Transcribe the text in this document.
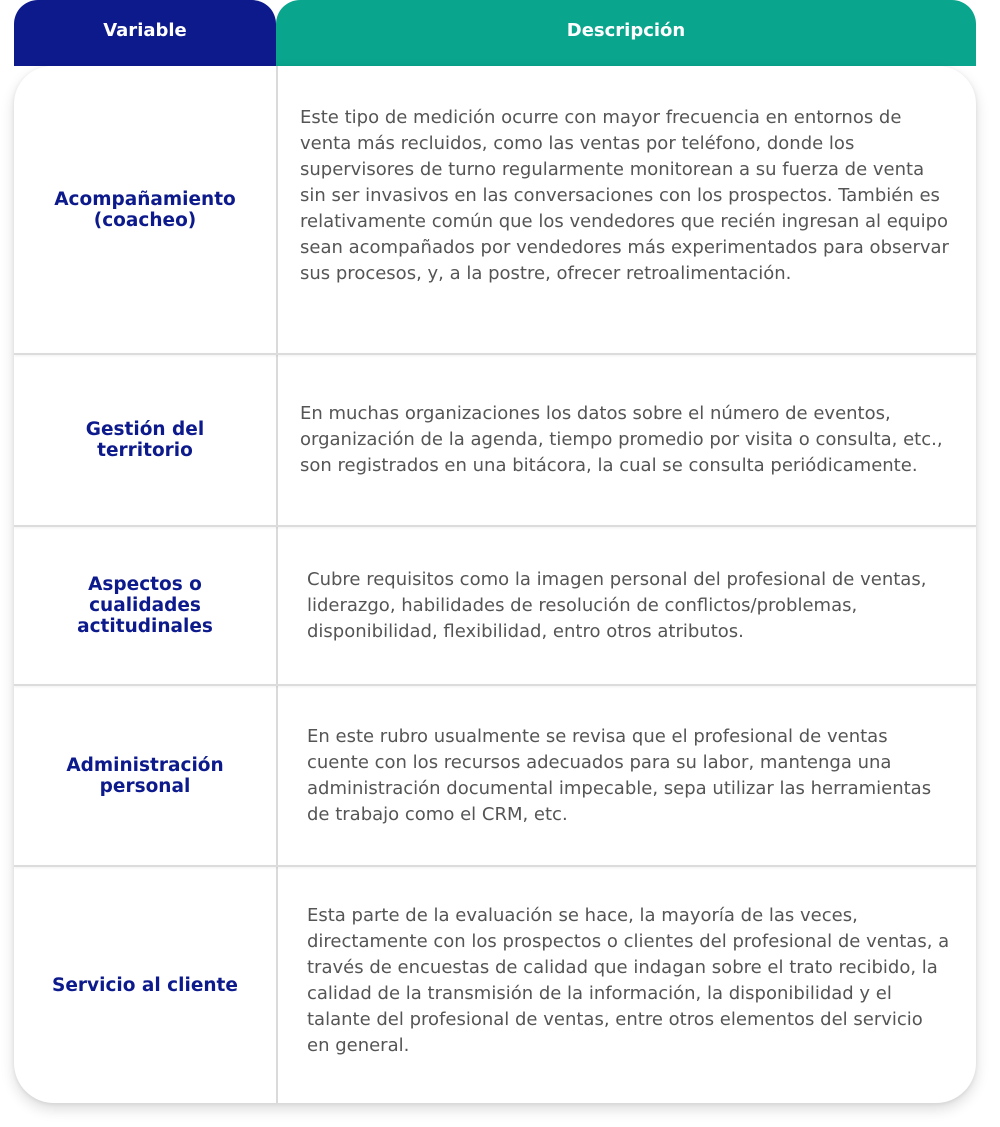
Variable	Descripción
Acompañamiento (coacheo)
Este tipo de medición ocurre con mayor frecuencia en entornos de venta más recluidos, como las ventas por teléfono, donde los supervisores de turno regularmente monitorean a su fuerza de venta sin ser invasivos en las conversaciones con los prospectos. También es relativamente común que los vendedores que recién ingresan al equipo sean acompañados por vendedores más experimentados para observar sus procesos, y, a la postre, ofrecer retroalimentación.
Gestión del territorio
En muchas organizaciones los datos sobre el número de eventos, organización de la agenda, tiempo promedio por visita o consulta, etc., son registrados en una bitácora, la cual se consulta periódicamente.
Aspectos o cualidades actitudinales
Cubre requisitos como la imagen personal del profesional de ventas, liderazgo, habilidades de resolución de conflictos/problemas, disponibilidad, flexibilidad, entro otros atributos.
Administración personal
En este rubro usualmente se revisa que el profesional de ventas cuente con los recursos adecuados para su labor, mantenga una administración documental impecable, sepa utilizar las herramientas de trabajo como el CRM, etc.
Servicio al cliente
Esta parte de la evaluación se hace, la mayoría de las veces, directamente con los prospectos o clientes del profesional de ventas, a través de encuestas de calidad que indagan sobre el trato recibido, la calidad de la transmisión de la información, la disponibilidad y el talante del profesional de ventas, entre otros elementos del servicio en general.
